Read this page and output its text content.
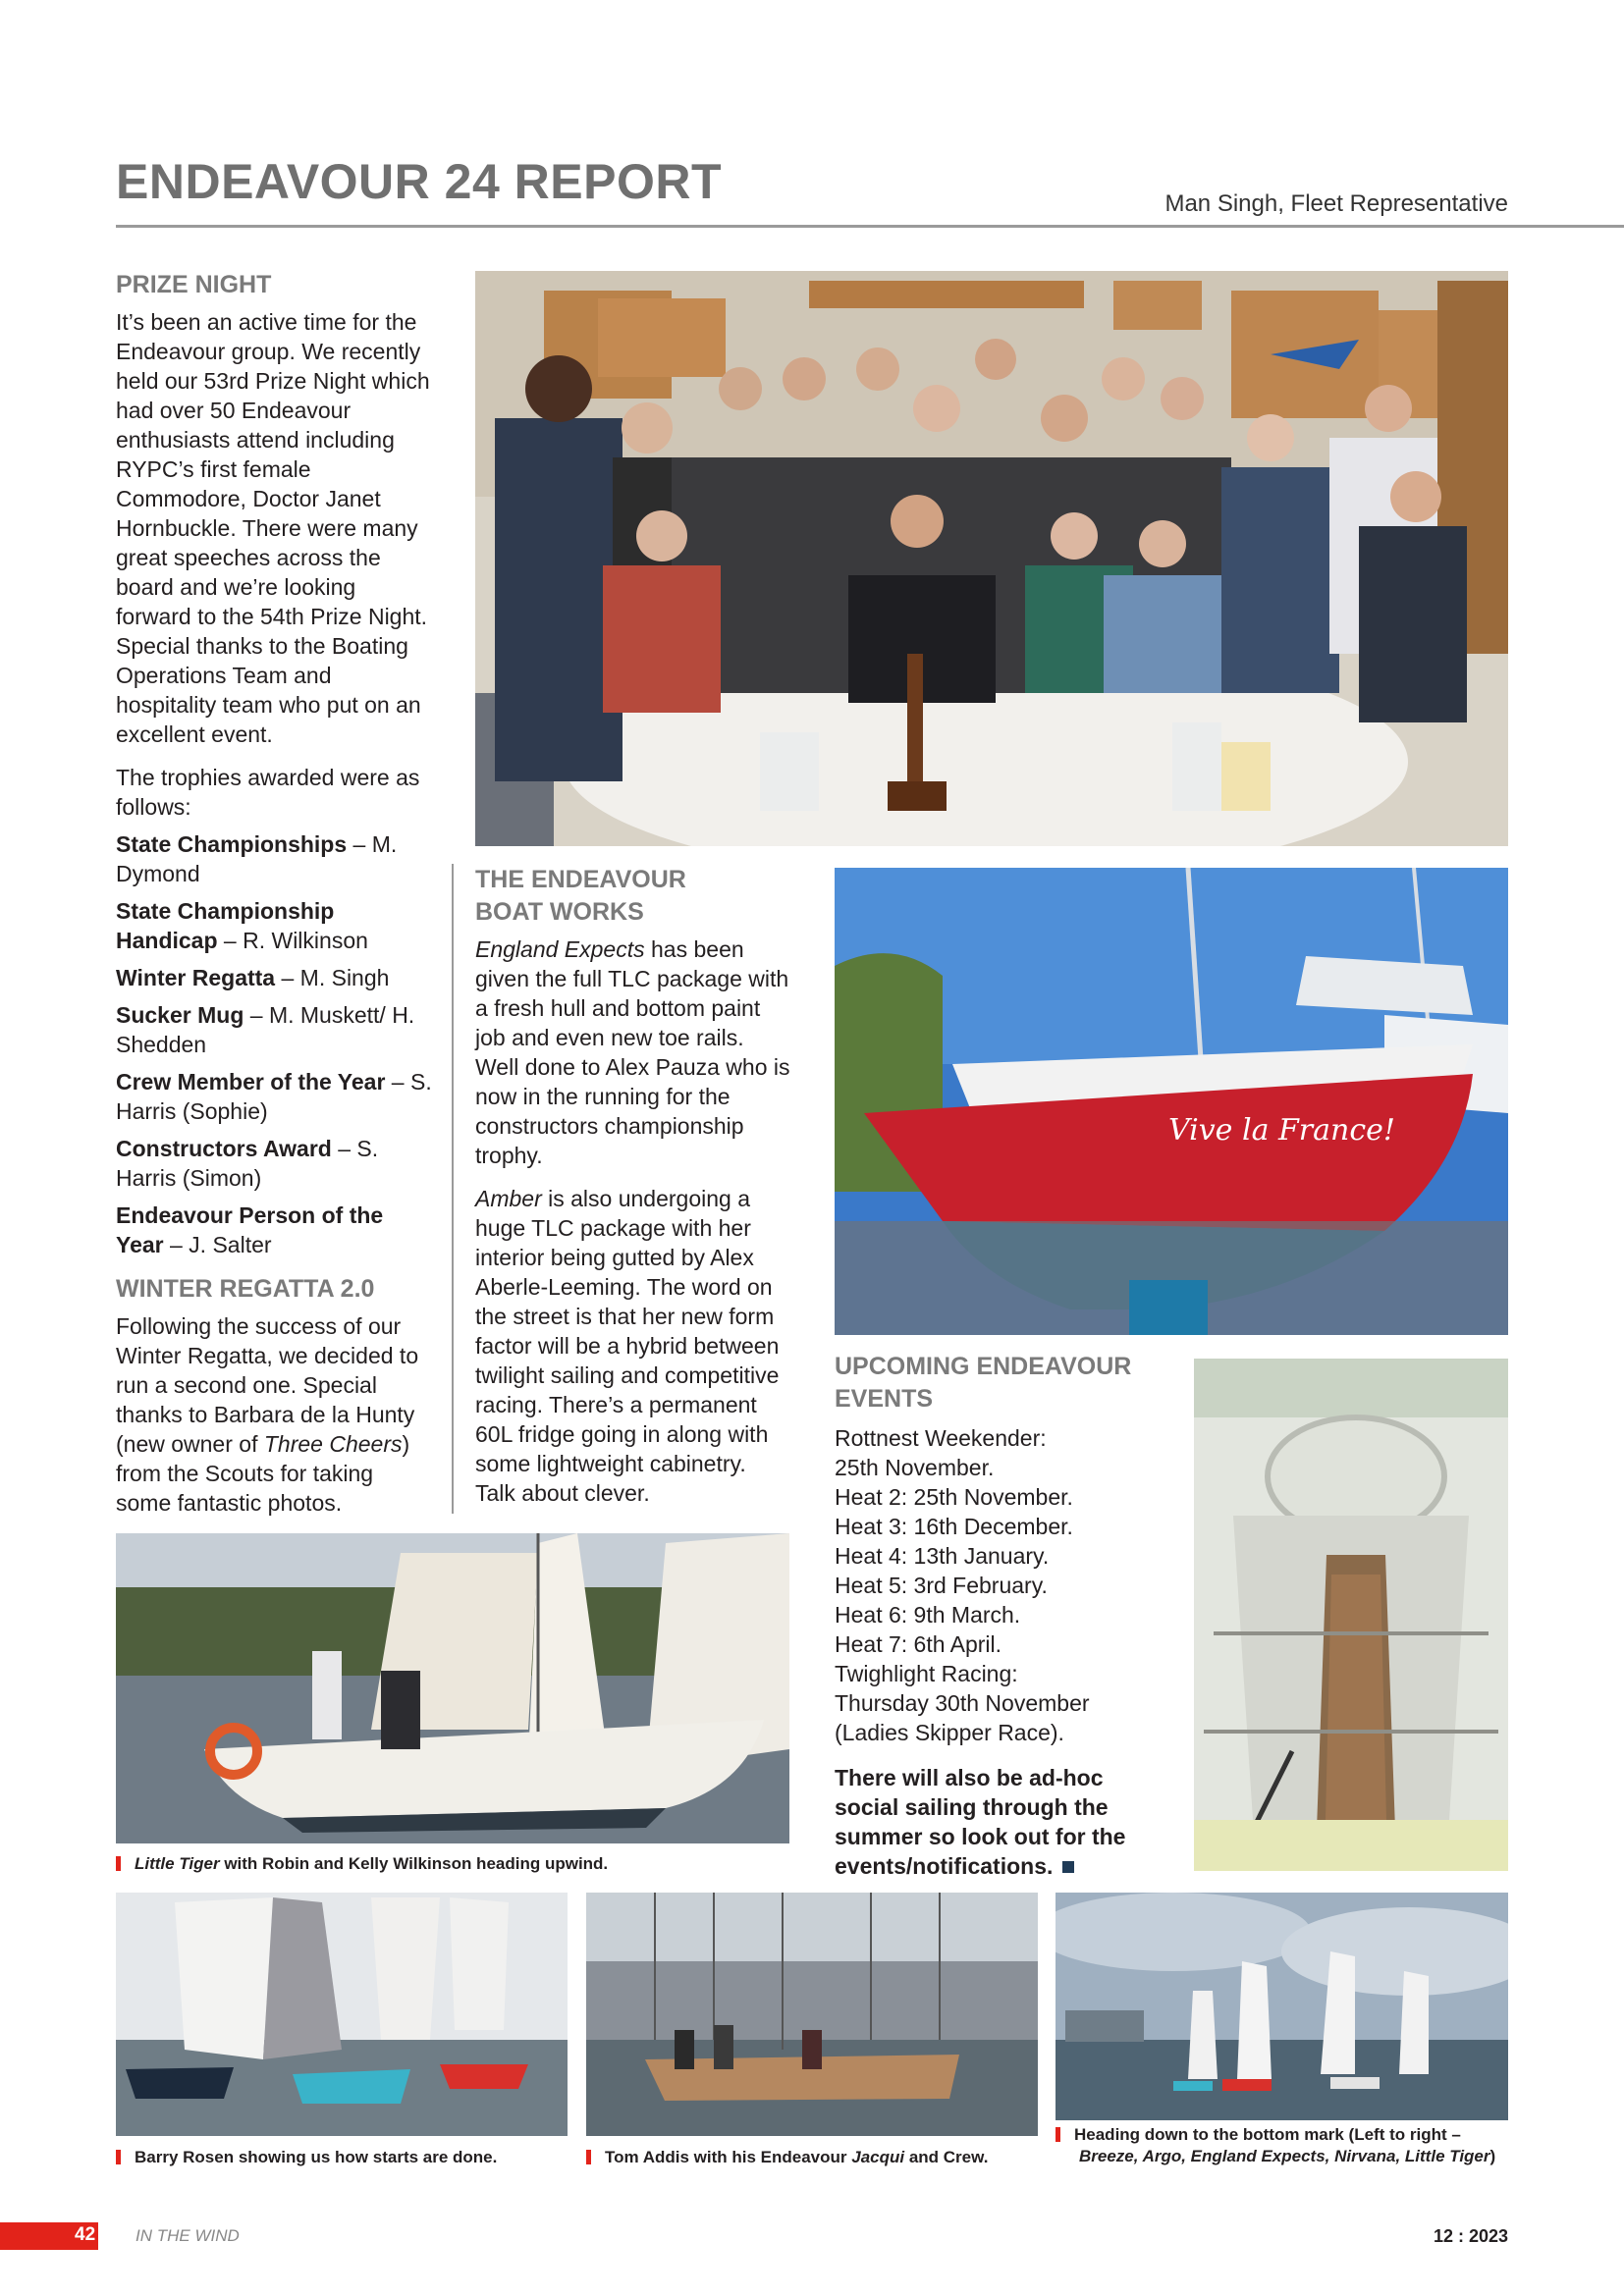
ENDEAVOUR 24 REPORT	Man Singh, Fleet Representative
PRIZE NIGHT

It’s been an active time for the Endeavour group. We recently held our 53rd Prize Night which had over 50 Endeavour enthusiasts attend including RYPC’s first female Commodore, Doctor Janet Hornbuckle. There were many great speeches across the board and we’re looking forward to the 54th Prize Night. Special thanks to the Boating Operations Team and hospitality team who put on an excellent event.

The trophies awarded were as follows:

State Championships – M. Dymond
State Championship Handicap – R. Wilkinson
Winter Regatta – M. Singh
Sucker Mug – M. Muskett/ H. Shedden
Crew Member of the Year – S. Harris (Sophie)
Constructors Award – S. Harris (Simon)
Endeavour Person of the Year – J. Salter
WINTER REGATTA 2.0

Following the success of our Winter Regatta, we decided to run a second one. Special thanks to Barbara de la Hunty (new owner of Three Cheers) from the Scouts for taking some fantastic photos.

THE ENDEAVOUR
BOAT WORKS

England Expects has been given the full TLC package with a fresh hull and bottom paint job and even new toe rails. Well done to Alex Pauza who is now in the running for the constructors championship trophy.

Amber is also undergoing a huge TLC package with her interior being gutted by Alex Aberle-Leeming. The word on the street is that her new form factor will be a hybrid between twilight sailing and competitive racing. There’s a permanent 60L fridge going in along with some lightweight cabinetry. Talk about clever.

Vive la France!
UPCOMING ENDEAVOUR
EVENTS
Rottnest Weekender:
25th November.
Heat 2: 25th November.
Heat 3: 16th December.
Heat 4: 13th January.
Heat 5: 3rd February.
Heat 6: 9th March.
Heat 7: 6th April.
Twighlight Racing:
Thursday 30th November
(Ladies Skipper Race).

There will also be ad-hoc social sailing through the summer so look out for the events/notifications.

Little Tiger with Robin and Kelly Wilkinson heading upwind.
Barry Rosen showing us how starts are done.	Tom Addis with his Endeavour Jacqui and Crew.
Heading down to the bottom mark (Left to right –
Breeze, Argo, England Expects, Nirvana, Little Tiger)
42 IN THE WIND	12 : 2023
